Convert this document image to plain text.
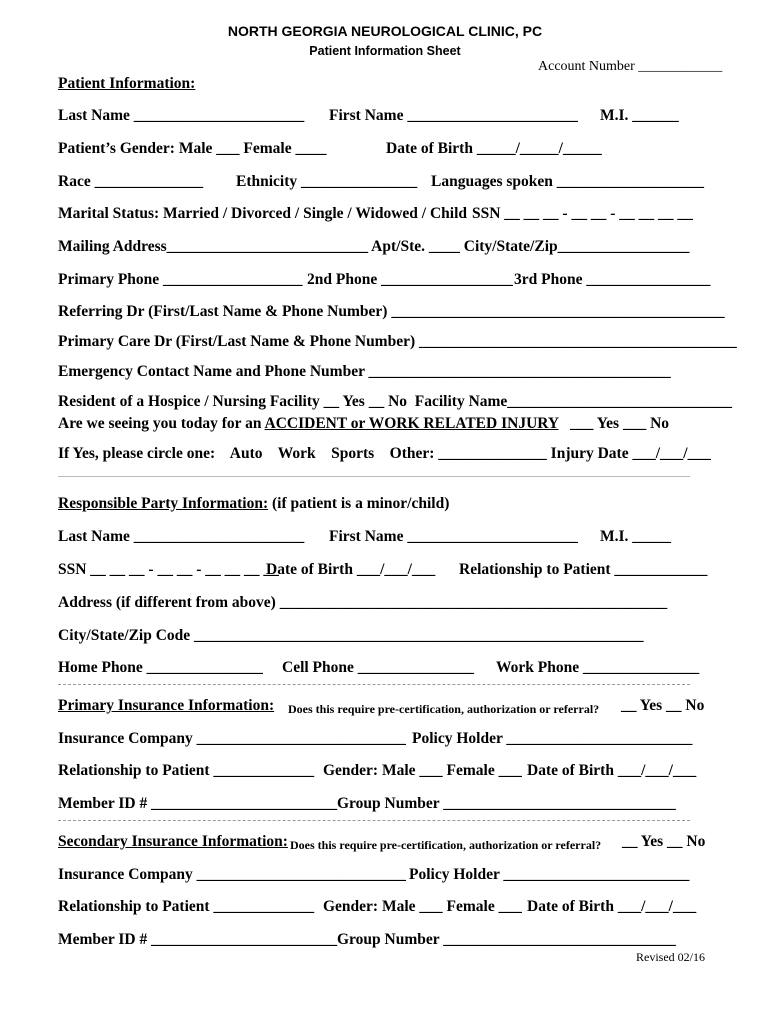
NORTH GEORGIA NEUROLOGICAL CLINIC, PC
Patient Information Sheet
Account Number ____________
Patient Information:
Last Name ______________________ First Name ______________________ M.I. ______
Patient’s Gender: Male ___ Female ____	Date of Birth _____/_____/_____
Race ______________ Ethnicity _______________ Languages spoken ___________________
Marital Status: Married / Divorced / Single / Widowed / Child SSN __ __ __ - __ __ - __ __ __ __
Mailing Address__________________________ Apt/Ste. ____ City/State/Zip_________________
Primary Phone __________________ 2nd Phone _________________ 3rd Phone ________________
Referring Dr (First/Last Name & Phone Number) ___________________________________________
Primary Care Dr (First/Last Name & Phone Number) _________________________________________
Emergency Contact Name and Phone Number _______________________________________
Resident of a Hospice / Nursing Facility __ Yes __ No  Facility Name_____________________________
Are we seeing you today for an ACCIDENT or WORK RELATED INJURY   ___ Yes ___ No
If Yes, please circle one:    Auto    Work    Sports    Other: ______________ Injury Date ___/___/___
Responsible Party Information: (if patient is a minor/child)
Last Name ______________________ First Name ______________________ M.I. _____
SSN __ __ __ - __ __ - __ __ __ __
Date of Birth ___/___/___ Relationship to Patient ____________
Address (if different from above) __________________________________________________
City/State/Zip Code __________________________________________________________
Home Phone _______________ Cell Phone _______________ Work Phone _______________
Primary Insurance Information: Does this require pre-certification, authorization or referral? __ Yes __ No
Insurance Company ___________________________ Policy Holder ________________________
Relationship to Patient _____________ Gender: Male ___ Female ___ Date of Birth ___/___/___
Member ID # ________________________ Group Number ______________________________
Secondary Insurance Information: Does this require pre-certification, authorization or referral? __ Yes __ No
Insurance Company ___________________________ Policy Holder ________________________
Relationship to Patient _____________ Gender: Male ___ Female ___ Date of Birth ___/___/___
Member ID # ________________________ Group Number ______________________________
Revised 02/16
